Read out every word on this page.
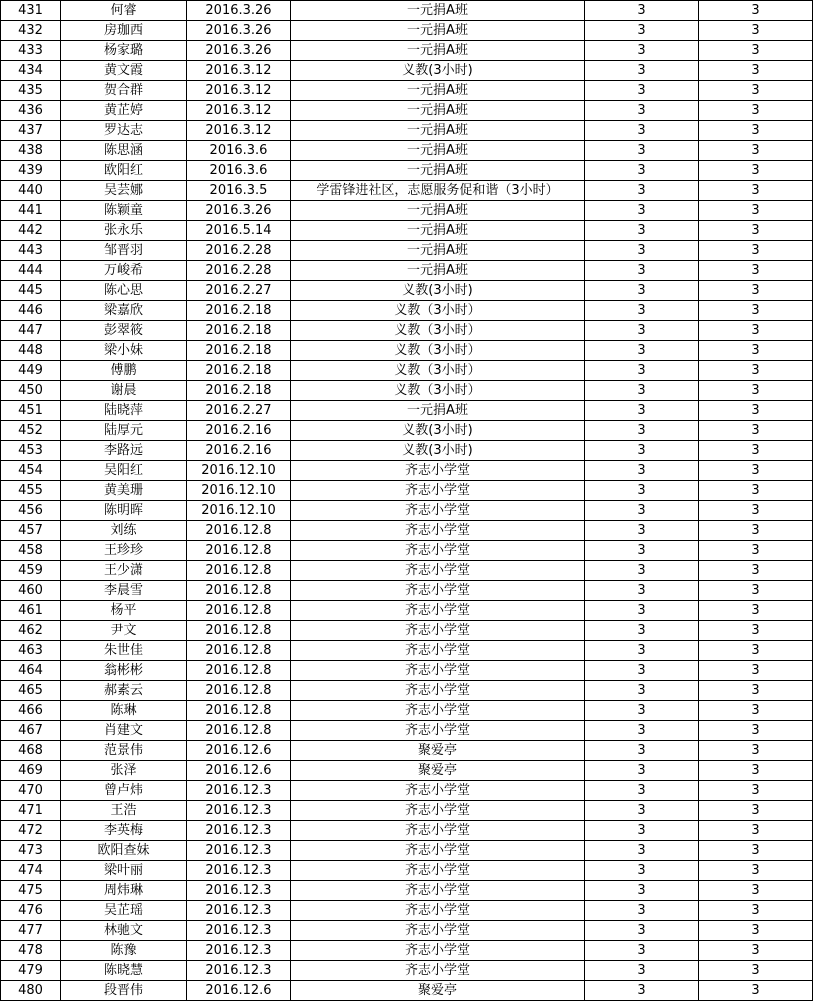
431	何睿	2016.3.26	一元捐A班	3	3
432	房珈西	2016.3.26	一元捐A班	3	3
433	杨家璐	2016.3.26	一元捐A班	3	3
434	黄文霞	2016.3.12	义教(3小时)	3	3
435	贺合群	2016.3.12	一元捐A班	3	3
436	黄芷婷	2016.3.12	一元捐A班	3	3
437	罗达志	2016.3.12	一元捐A班	3	3
438	陈思涵	2016.3.6	一元捐A班	3	3
439	欧阳红	2016.3.6	一元捐A班	3	3
440	吴芸娜	2016.3.5	学雷锋进社区，志愿服务促和谐（3小时）	3	3
441	陈颖童	2016.3.26	一元捐A班	3	3
442	张永乐	2016.5.14	一元捐A班	3	3
443	邹晋羽	2016.2.28	一元捐A班	3	3
444	万峻希	2016.2.28	一元捐A班	3	3
445	陈心思	2016.2.27	义教(3小时)	3	3
446	梁嘉欣	2016.2.18	义教（3小时）	3	3
447	彭翠筱	2016.2.18	义教（3小时）	3	3
448	梁小妹	2016.2.18	义教（3小时）	3	3
449	傅鹏	2016.2.18	义教（3小时）	3	3
450	谢晨	2016.2.18	义教（3小时）	3	3
451	陆晓萍	2016.2.27	一元捐A班	3	3
452	陆厚元	2016.2.16	义教(3小时)	3	3
453	李路远	2016.2.16	义教(3小时)	3	3
454	吴阳红	2016.12.10	齐志小学堂	3	3
455	黄美珊	2016.12.10	齐志小学堂	3	3
456	陈明晖	2016.12.10	齐志小学堂	3	3
457	刘练	2016.12.8	齐志小学堂	3	3
458	王珍珍	2016.12.8	齐志小学堂	3	3
459	王少潇	2016.12.8	齐志小学堂	3	3
460	李晨雪	2016.12.8	齐志小学堂	3	3
461	杨平	2016.12.8	齐志小学堂	3	3
462	尹文	2016.12.8	齐志小学堂	3	3
463	朱世佳	2016.12.8	齐志小学堂	3	3
464	翁彬彬	2016.12.8	齐志小学堂	3	3
465	郝素云	2016.12.8	齐志小学堂	3	3
466	陈琳	2016.12.8	齐志小学堂	3	3
467	肖建文	2016.12.8	齐志小学堂	3	3
468	范景伟	2016.12.6	聚爱亭	3	3
469	张泽	2016.12.6	聚爱亭	3	3
470	曾卢炜	2016.12.3	齐志小学堂	3	3
471	王浩	2016.12.3	齐志小学堂	3	3
472	李英梅	2016.12.3	齐志小学堂	3	3
473	欧阳查妹	2016.12.3	齐志小学堂	3	3
474	梁叶丽	2016.12.3	齐志小学堂	3	3
475	周炜琳	2016.12.3	齐志小学堂	3	3
476	吴芷瑶	2016.12.3	齐志小学堂	3	3
477	林驰文	2016.12.3	齐志小学堂	3	3
478	陈豫	2016.12.3	齐志小学堂	3	3
479	陈晓慧	2016.12.3	齐志小学堂	3	3
480	段晋伟	2016.12.6	聚爱亭	3	3
